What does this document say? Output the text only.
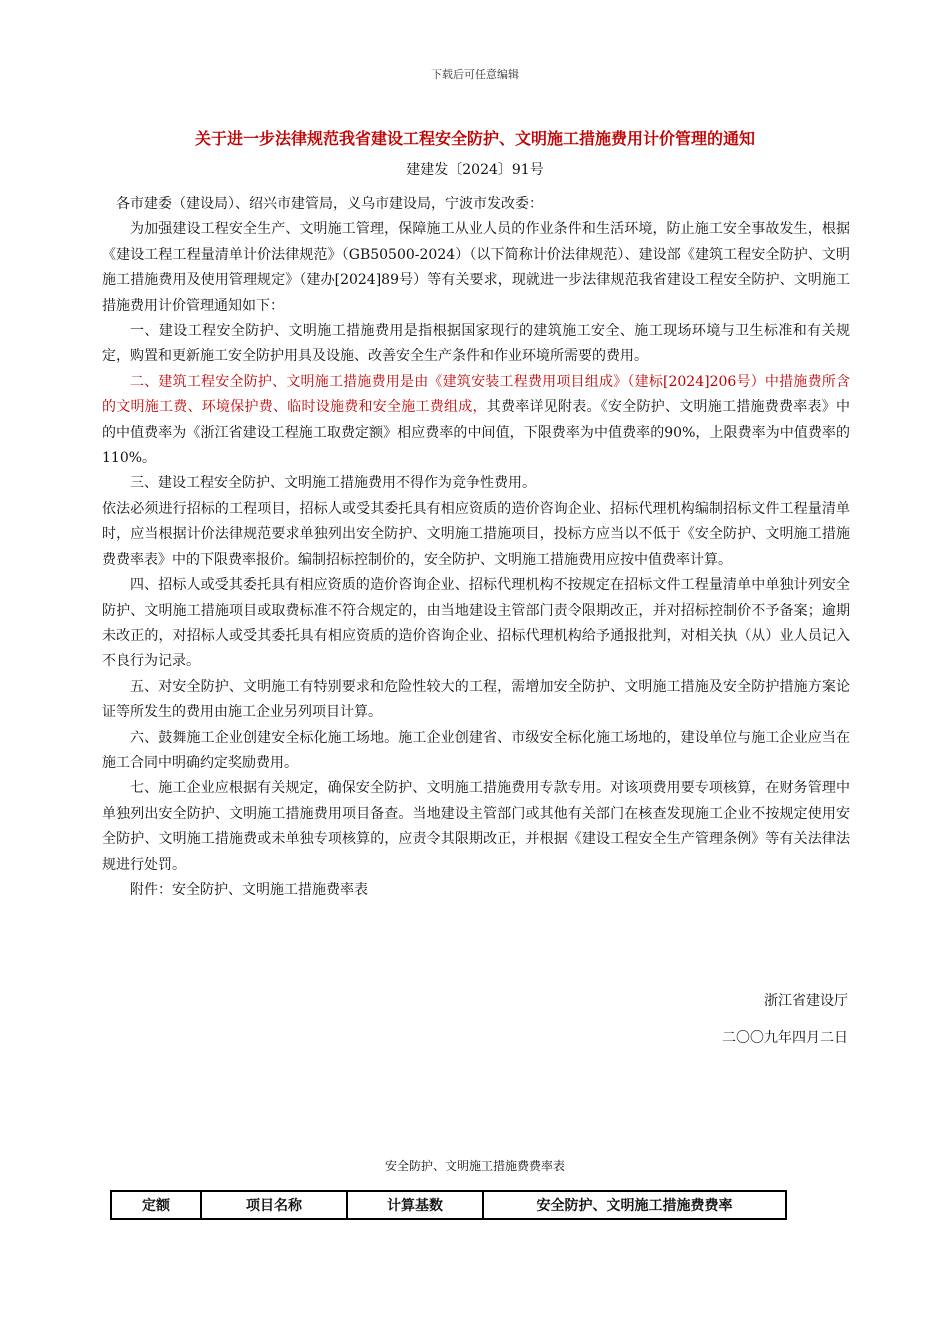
下载后可任意编辑
关于进一步法律规范我省建设工程安全防护、文明施工措施费用计价管理的通知
建建发〔2024〕91号

各市建委（建设局）、绍兴市建管局，义乌市建设局，宁波市发改委：

为加强建设工程安全生产、文明施工管理，保障施工从业人员的作业条件和生活环境，防止施工安全事故发生，根据《建设工程工程量清单计价法律规范》（GB50500-2024）（以下简称计价法律规范）、建设部《建筑工程安全防护、文明施工措施费用及使用管理规定》（建办[2024]89号）等有关要求，现就进一步法律规范我省建设工程安全防护、文明施工措施费用计价管理通知如下：

一、建设工程安全防护、文明施工措施费用是指根据国家现行的建筑施工安全、施工现场环境与卫生标准和有关规定，购置和更新施工安全防护用具及设施、改善安全生产条件和作业环境所需要的费用。

二、建筑工程安全防护、文明施工措施费用是由《建筑安装工程费用项目组成》（建标[2024]206号）中措施费所含的文明施工费、环境保护费、临时设施费和安全施工费组成，其费率详见附表。《安全防护、文明施工措施费费率表》中的中值费率为《浙江省建设工程施工取费定额》相应费率的中间值，下限费率为中值费率的90%，上限费率为中值费率的110%。

三、建设工程安全防护、文明施工措施费用不得作为竞争性费用。

依法必须进行招标的工程项目，招标人或受其委托具有相应资质的造价咨询企业、招标代理机构编制招标文件工程量清单时，应当根据计价法律规范要求单独列出安全防护、文明施工措施项目，投标方应当以不低于《安全防护、文明施工措施费费率表》中的下限费率报价。编制招标控制价的，安全防护、文明施工措施费用应按中值费率计算。

四、招标人或受其委托具有相应资质的造价咨询企业、招标代理机构不按规定在招标文件工程量清单中单独计列安全防护、文明施工措施项目或取费标准不符合规定的，由当地建设主管部门责令限期改正，并对招标控制价不予备案；逾期未改正的，对招标人或受其委托具有相应资质的造价咨询企业、招标代理机构给予通报批判，对相关执（从）业人员记入不良行为记录。

五、对安全防护、文明施工有特别要求和危险性较大的工程，需增加安全防护、文明施工措施及安全防护措施方案论证等所发生的费用由施工企业另列项目计算。

六、鼓舞施工企业创建安全标化施工场地。施工企业创建省、市级安全标化施工场地的，建设单位与施工企业应当在施工合同中明确约定奖励费用。

七、施工企业应根据有关规定，确保安全防护、文明施工措施费用专款专用。对该项费用要专项核算，在财务管理中单独列出安全防护、文明施工措施费用项目备查。当地建设主管部门或其他有关部门在核查发现施工企业不按规定使用安全防护、文明施工措施费或未单独专项核算的，应责令其限期改正，并根据《建设工程安全生产管理条例》等有关法律法规进行处罚。

附件：安全防护、文明施工措施费率表

浙江省建设厅
二〇〇九年四月二日
安全防护、文明施工措施费费率表
定额	项目名称	计算基数	安全防护、文明施工措施费费率
